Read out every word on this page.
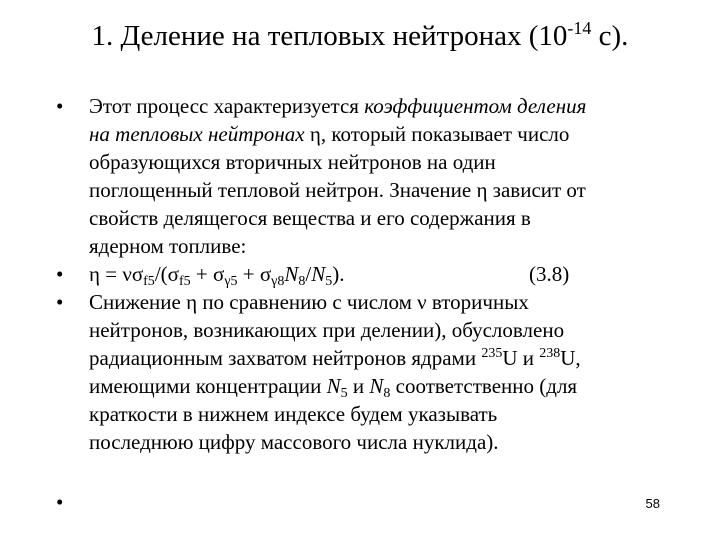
1. Деление на тепловых нейтронах ($10^{-14}$ с).
•	Этот процесс характеризуется коэффициентом деления
на тепловых нейтронах η, который показывает число
образующихся вторичных нейтронов на один
поглощенный тепловой нейтрон. Значение η зависит от
свойств делящегося вещества и его содержания в
ядерном топливе:
•	$\eta = \nu\sigma_{f5}/(\sigma_{f5} + \sigma_{\gamma 5} + \sigma_{\gamma 8}N_8/N_5)$.	(3.8)
•	Снижение η по сравнению с числом ν вторичных
нейтронов, возникающих при делении), обусловлено
радиационным захватом нейтронов ядрами $^{235}$U и $^{238}$U,
имеющими концентрации $N_5$ и $N_8$ соответственно (для
краткости в нижнем индексе будем указывать
последнюю цифру массового числа нуклида).
•	58
